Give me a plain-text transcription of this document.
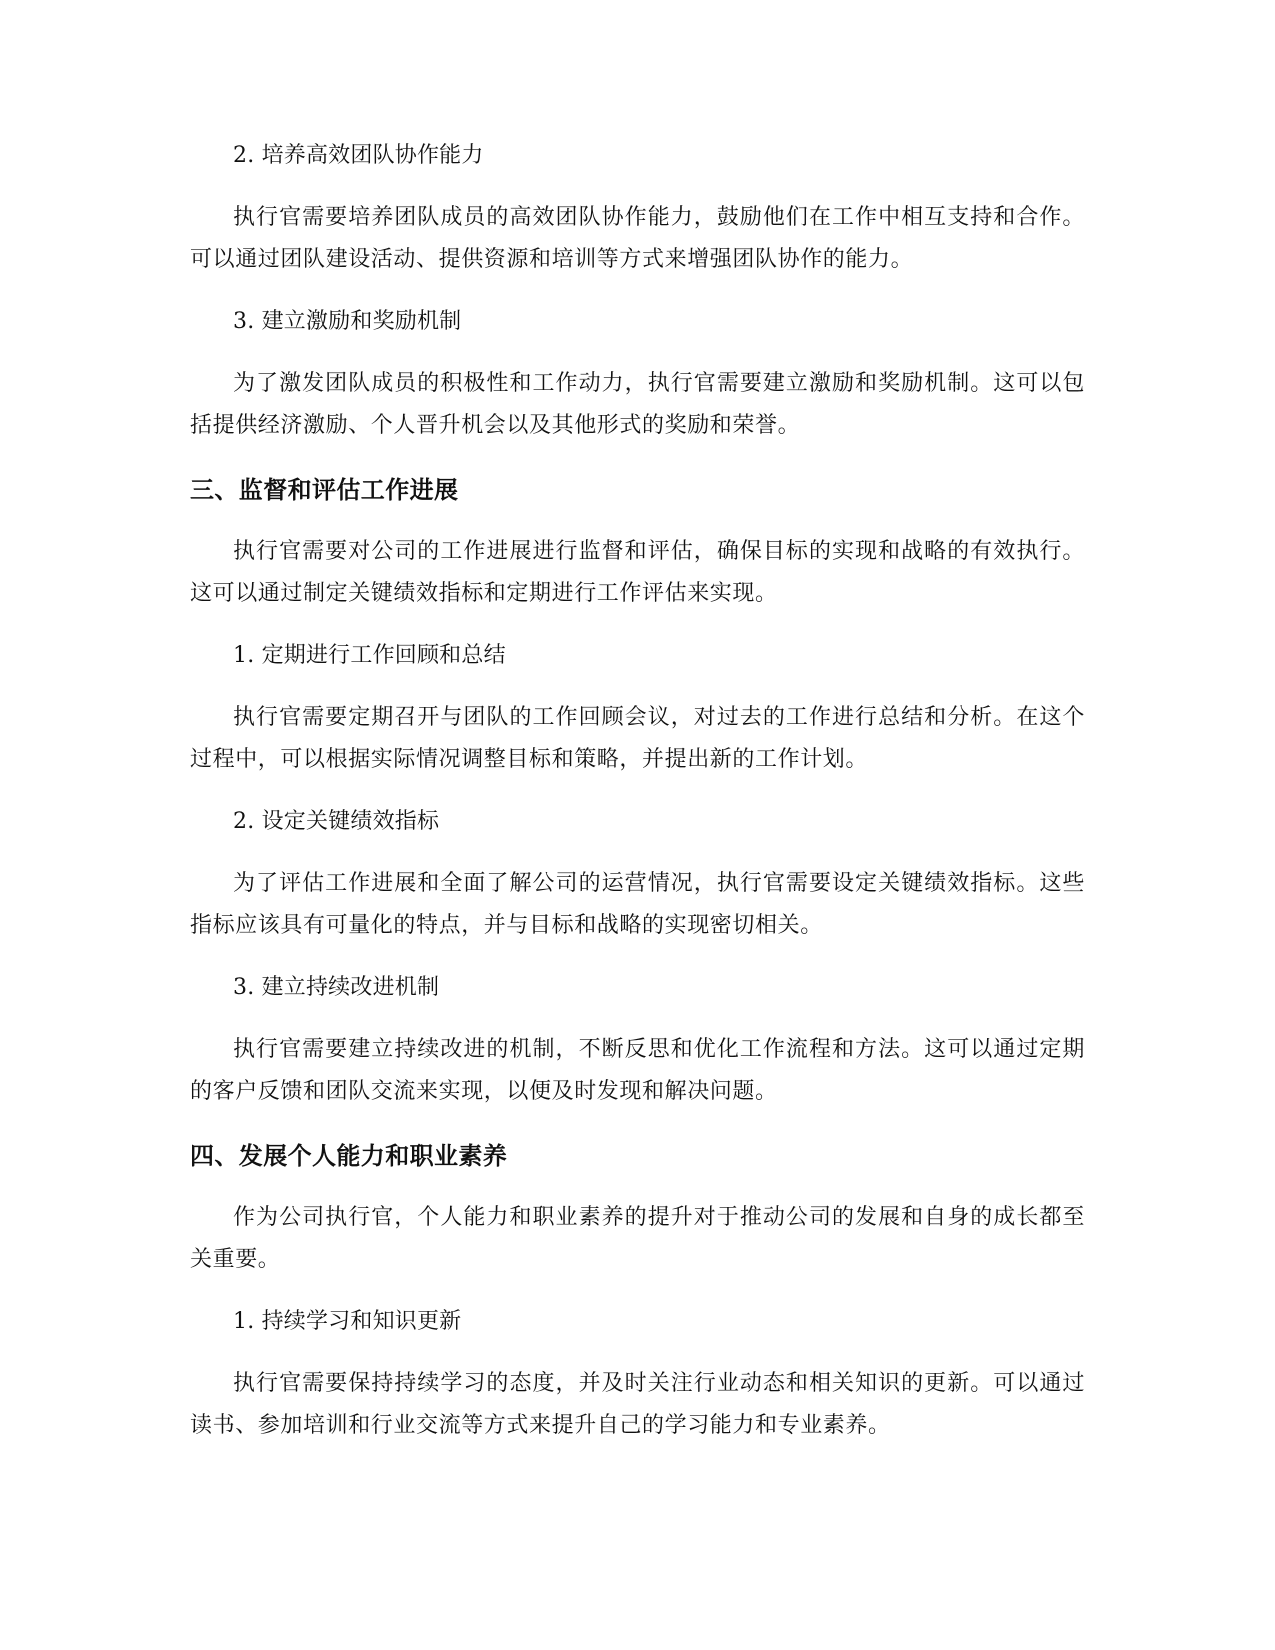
2. 培养高效团队协作能力

执行官需要培养团队成员的高效团队协作能力，鼓励他们在工作中相互支持和合作。可以通过团队建设活动、提供资源和培训等方式来增强团队协作的能力。

3. 建立激励和奖励机制

为了激发团队成员的积极性和工作动力，执行官需要建立激励和奖励机制。这可以包括提供经济激励、个人晋升机会以及其他形式的奖励和荣誉。

三、监督和评估工作进展

执行官需要对公司的工作进展进行监督和评估，确保目标的实现和战略的有效执行。这可以通过制定关键绩效指标和定期进行工作评估来实现。

1. 定期进行工作回顾和总结

执行官需要定期召开与团队的工作回顾会议，对过去的工作进行总结和分析。在这个过程中，可以根据实际情况调整目标和策略，并提出新的工作计划。

2. 设定关键绩效指标

为了评估工作进展和全面了解公司的运营情况，执行官需要设定关键绩效指标。这些指标应该具有可量化的特点，并与目标和战略的实现密切相关。

3. 建立持续改进机制

执行官需要建立持续改进的机制，不断反思和优化工作流程和方法。这可以通过定期的客户反馈和团队交流来实现，以便及时发现和解决问题。

四、发展个人能力和职业素养

作为公司执行官，个人能力和职业素养的提升对于推动公司的发展和自身的成长都至关重要。

1. 持续学习和知识更新

执行官需要保持持续学习的态度，并及时关注行业动态和相关知识的更新。可以通过读书、参加培训和行业交流等方式来提升自己的学习能力和专业素养。
